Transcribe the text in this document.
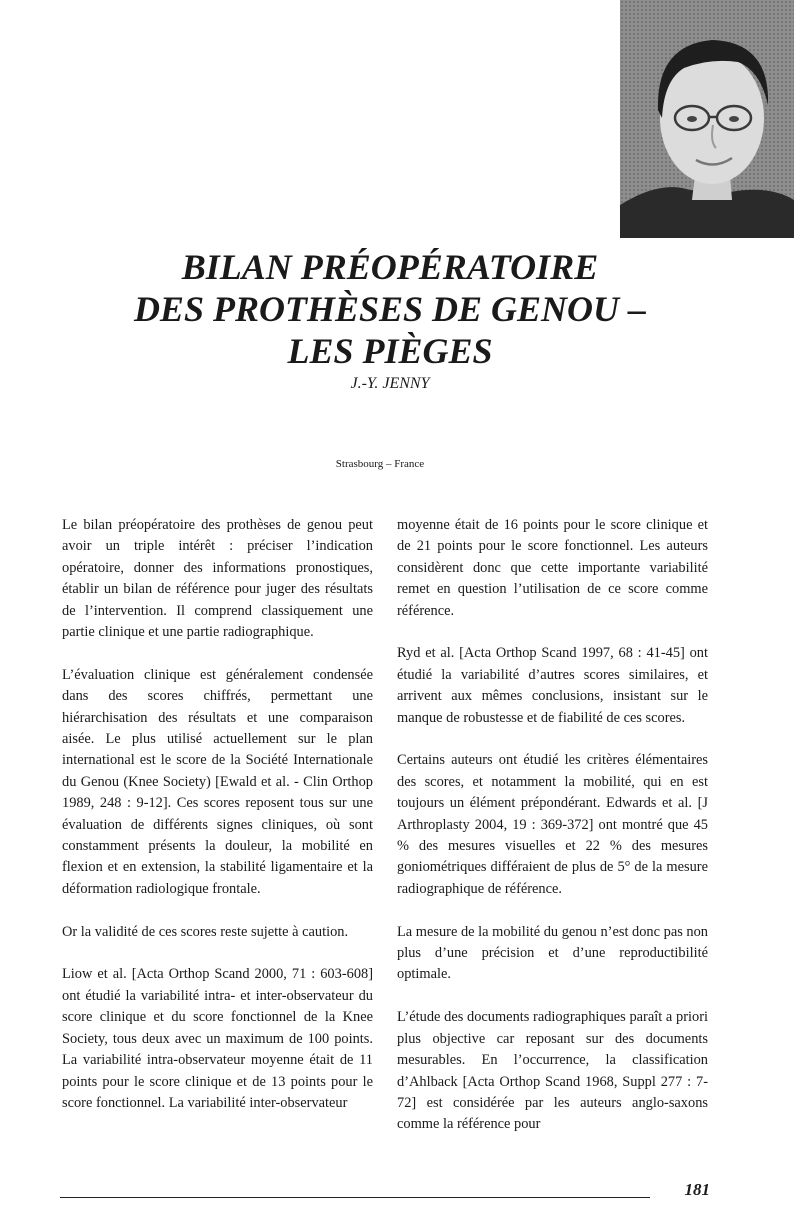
BILAN PRÉOPÉRATOIRE
DES PROTHÈSES DE GENOU –
LES PIÈGES
J.-Y. JENNY
Strasbourg – France

Le bilan préopératoire des prothèses de genou peut avoir un triple intérêt : préciser l’indication opératoire, donner des informations pronostiques, établir un bilan de référence pour juger des résultats de l’intervention. Il comprend classiquement une partie clinique et une partie radiographique.

L’évaluation clinique est généralement condensée dans des scores chiffrés, permettant une hiérarchisation des résultats et une comparaison aisée. Le plus utilisé actuellement sur le plan international est le score de la Société Internationale du Genou (Knee Society) [Ewald et al. - Clin Orthop 1989, 248 : 9-12]. Ces scores reposent tous sur une évaluation de différents signes cliniques, où sont constamment présents la douleur, la mobilité en flexion et en extension, la stabilité ligamentaire et la déformation radiologique frontale.

Or la validité de ces scores reste sujette à caution.

Liow et al. [Acta Orthop Scand 2000, 71 : 603-608] ont étudié la variabilité intra- et inter-observateur du score clinique et du score fonctionnel de la Knee Society, tous deux avec un maximum de 100 points. La variabilité intra-observateur moyenne était de 11 points pour le score clinique et de 13 points pour le score fonctionnel. La variabilité inter-observateur

moyenne était de 16 points pour le score clinique et de 21 points pour le score fonctionnel. Les auteurs considèrent donc que cette importante variabilité remet en question l’utilisation de ce score comme référence.

Ryd et al. [Acta Orthop Scand 1997, 68 : 41-45] ont étudié la variabilité d’autres scores similaires, et arrivent aux mêmes conclusions, insistant sur le manque de robustesse et de fiabilité de ces scores.

Certains auteurs ont étudié les critères élémentaires des scores, et notamment la mobilité, qui en est toujours un élément prépondérant. Edwards et al. [J Arthroplasty 2004, 19 : 369-372] ont montré que 45 % des mesures visuelles et 22 % des mesures goniométriques différaient de plus de 5° de la mesure radiographique de référence.

La mesure de la mobilité du genou n’est donc pas non plus d’une précision et d’une reproductibilité optimale.

L’étude des documents radiographiques paraît a priori plus objective car reposant sur des documents mesurables. En l’occurrence, la classification d’Ahlback [Acta Orthop Scand 1968, Suppl 277 : 7-72] est considérée par les auteurs anglo-saxons comme la référence pour

181
